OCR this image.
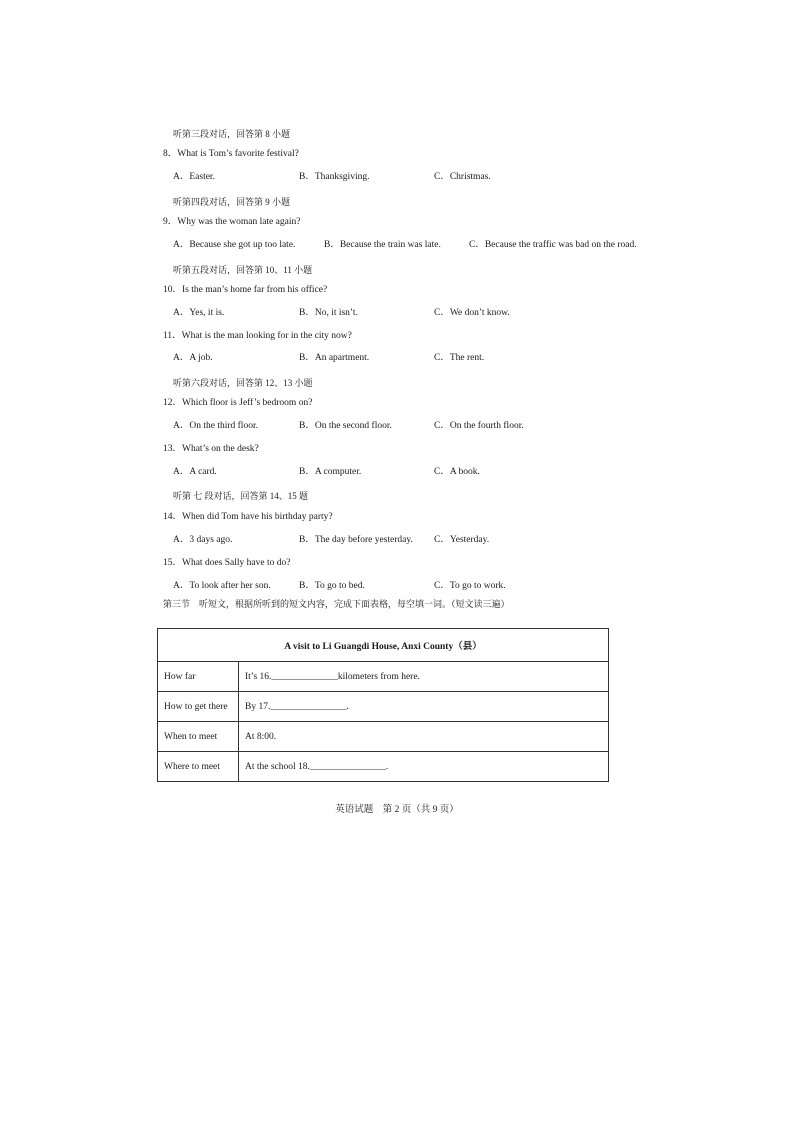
听第三段对话，回答第 8 小题
8．What is Tom’s favorite festival?
A．Easter.	B．Thanksgiving.	C．Christmas.
听第四段对话，回答第 9 小题
9．Why was the woman late again?
A．Because she got up too late.	B．Because the train was late.	C．Because the traffic was bad on the road.
听第五段对话，回答第 10、11 小题
10．Is the man’s home far from his office?
A．Yes, it is.	B．No, it isn’t.	C．We don’t know.
11．What is the man looking for in the city now?
A．A job.	B．An apartment.	C．The rent.
听第六段对话，回答第 12、13 小题
12．Which floor is Jeff’s bedroom on?
A．On the third floor.	B．On the second floor.	C．On the fourth floor.
13．What’s on the desk?
A．A card.	B．A computer.	C．A book.
听第 七 段对话，回答第 14、15 题
14．When did Tom have his birthday party?
A．3 days ago.	B．The day before yesterday. C．Yesterday.
15．What does Sally have to do?
A．To look after her son.	B．To go to bed.	C．To go to work.
第三节　听短文，根据所听到的短文内容，完成下面表格，每空填一词。（短文读三遍）
A visit to Li Guangdi House, Anxi County（县）	
How far	It’s 16.______________kilometers from here.
How to get there	By 17.________________.
When to meet	At 8:00.
Where to meet	At the school 18.________________.
英语试题　第 2 页（共 9 页）
